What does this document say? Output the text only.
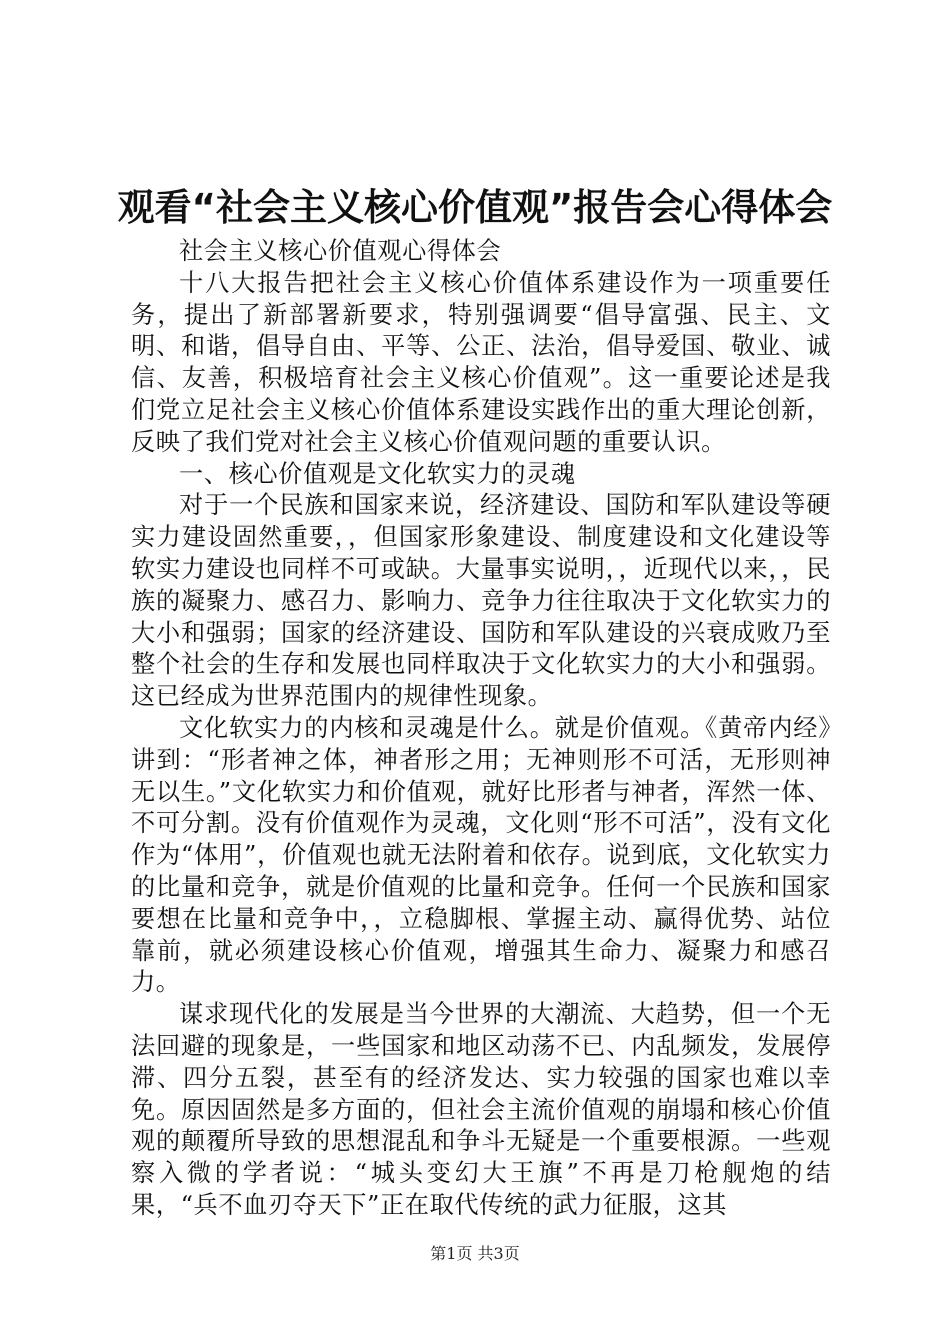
观看“社会主义核心价值观”报告会心得体会

社会主义核心价值观心得体会

十八大报告把社会主义核心价值体系建设作为一项重要任务，提出了新部署新要求，特别强调要“倡导富强、民主、文明、和谐，倡导自由、平等、公正、法治，倡导爱国、敬业、诚信、友善，积极培育社会主义核心价值观”。这一重要论述是我们党立足社会主义核心价值体系建设实践作出的重大理论创新，反映了我们党对社会主义核心价值观问题的重要认识。

一、核心价值观是文化软实力的灵魂

对于一个民族和国家来说，经济建设、国防和军队建设等硬实力建设固然重要，，但国家形象建设、制度建设和文化建设等软实力建设也同样不可或缺。大量事实说明，，近现代以来，，民族的凝聚力、感召力、影响力、竞争力往往取决于文化软实力的大小和强弱；国家的经济建设、国防和军队建设的兴衰成败乃至整个社会的生存和发展也同样取决于文化软实力的大小和强弱。这已经成为世界范围内的规律性现象。

文化软实力的内核和灵魂是什么。就是价值观。《黄帝内经》讲到：“形者神之体，神者形之用；无神则形不可活，无形则神无以生。”文化软实力和价值观，就好比形者与神者，浑然一体、不可分割。没有价值观作为灵魂，文化则“形不可活”，没有文化作为“体用”，价值观也就无法附着和依存。说到底，文化软实力的比量和竞争，就是价值观的比量和竞争。任何一个民族和国家要想在比量和竞争中，，立稳脚根、掌握主动、赢得优势、站位靠前，就必须建设核心价值观，增强其生命力、凝聚力和感召力。

谋求现代化的发展是当今世界的大潮流、大趋势，但一个无法回避的现象是，一些国家和地区动荡不已、内乱频发，发展停滞、四分五裂，甚至有的经济发达、实力较强的国家也难以幸免。原因固然是多方面的，但社会主流价值观的崩塌和核心价值观的颠覆所导致的思想混乱和争斗无疑是一个重要根源。一些观察入微的学者说：“城头变幻大王旗”不再是刀枪舰炮的结果，“兵不血刃夺天下”正在取代传统的武力征服，这其

第1页 共3页
